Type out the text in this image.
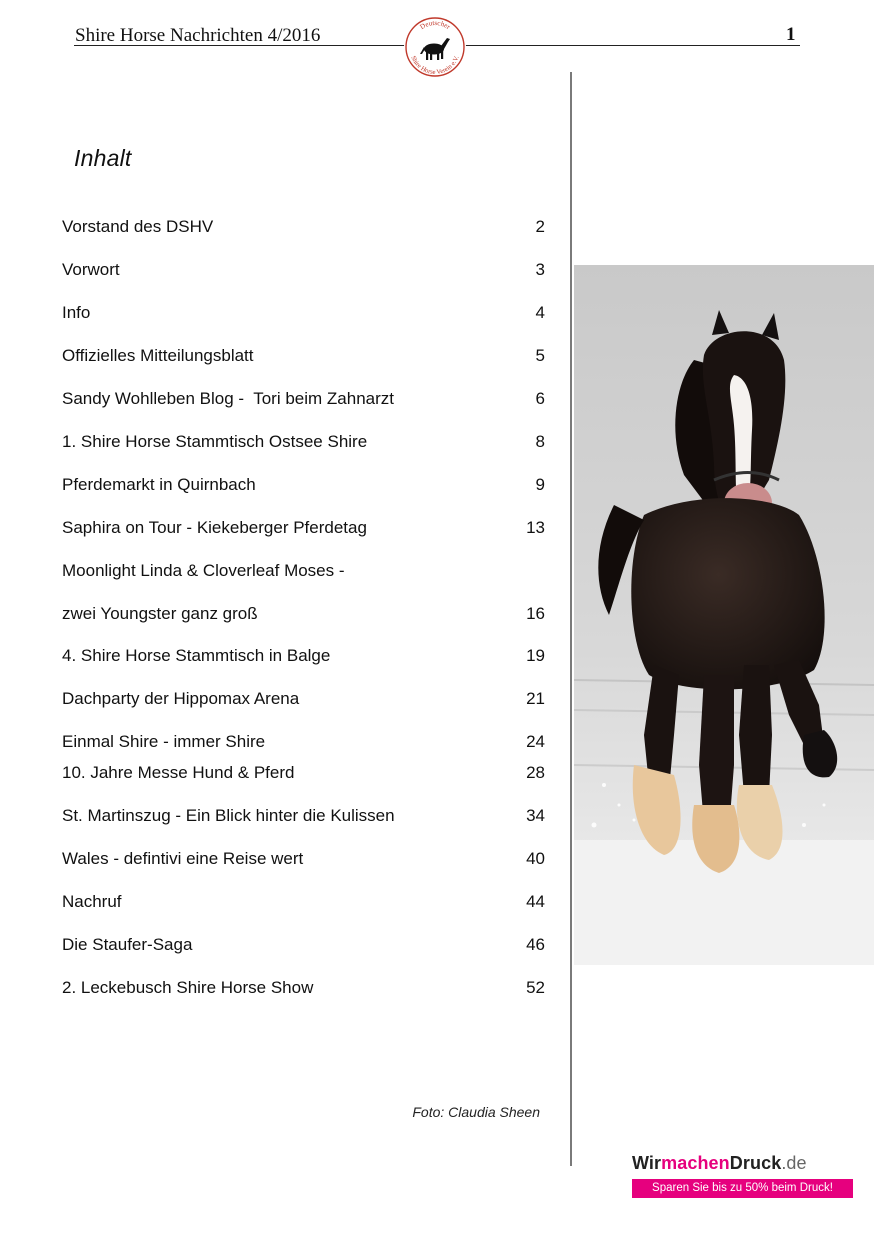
Shire Horse Nachrichten 4/2016	Deutscher
Shire Horse Verein e.V.
1
Inhalt
Vorstand des DSHV	2
Vorwort	3
Info	4
Offizielles Mitteilungsblatt	5
Sandy Wohlleben Blog -  Tori beim Zahnarzt	6
1. Shire Horse Stammtisch Ostsee Shire	8
Pferdemarkt in Quirnbach	9
Saphira on Tour - Kiekeberger Pferdetag	13
Moonlight Linda & Cloverleaf Moses -
zwei Youngster ganz groß	16
4. Shire Horse Stammtisch in Balge	19
Dachparty der Hippomax Arena	21
Einmal Shire - immer Shire	24
10. Jahre Messe Hund & Pferd	28
St. Martinszug - Ein Blick hinter die Kulissen	34
Wales - defintivi eine Reise wert	40
Nachruf	44
Die Staufer-Saga	46
2. Leckebusch Shire Horse Show	52
Foto: Claudia Sheen
WirmachenDruck.de
Sparen Sie bis zu 50% beim Druck!
